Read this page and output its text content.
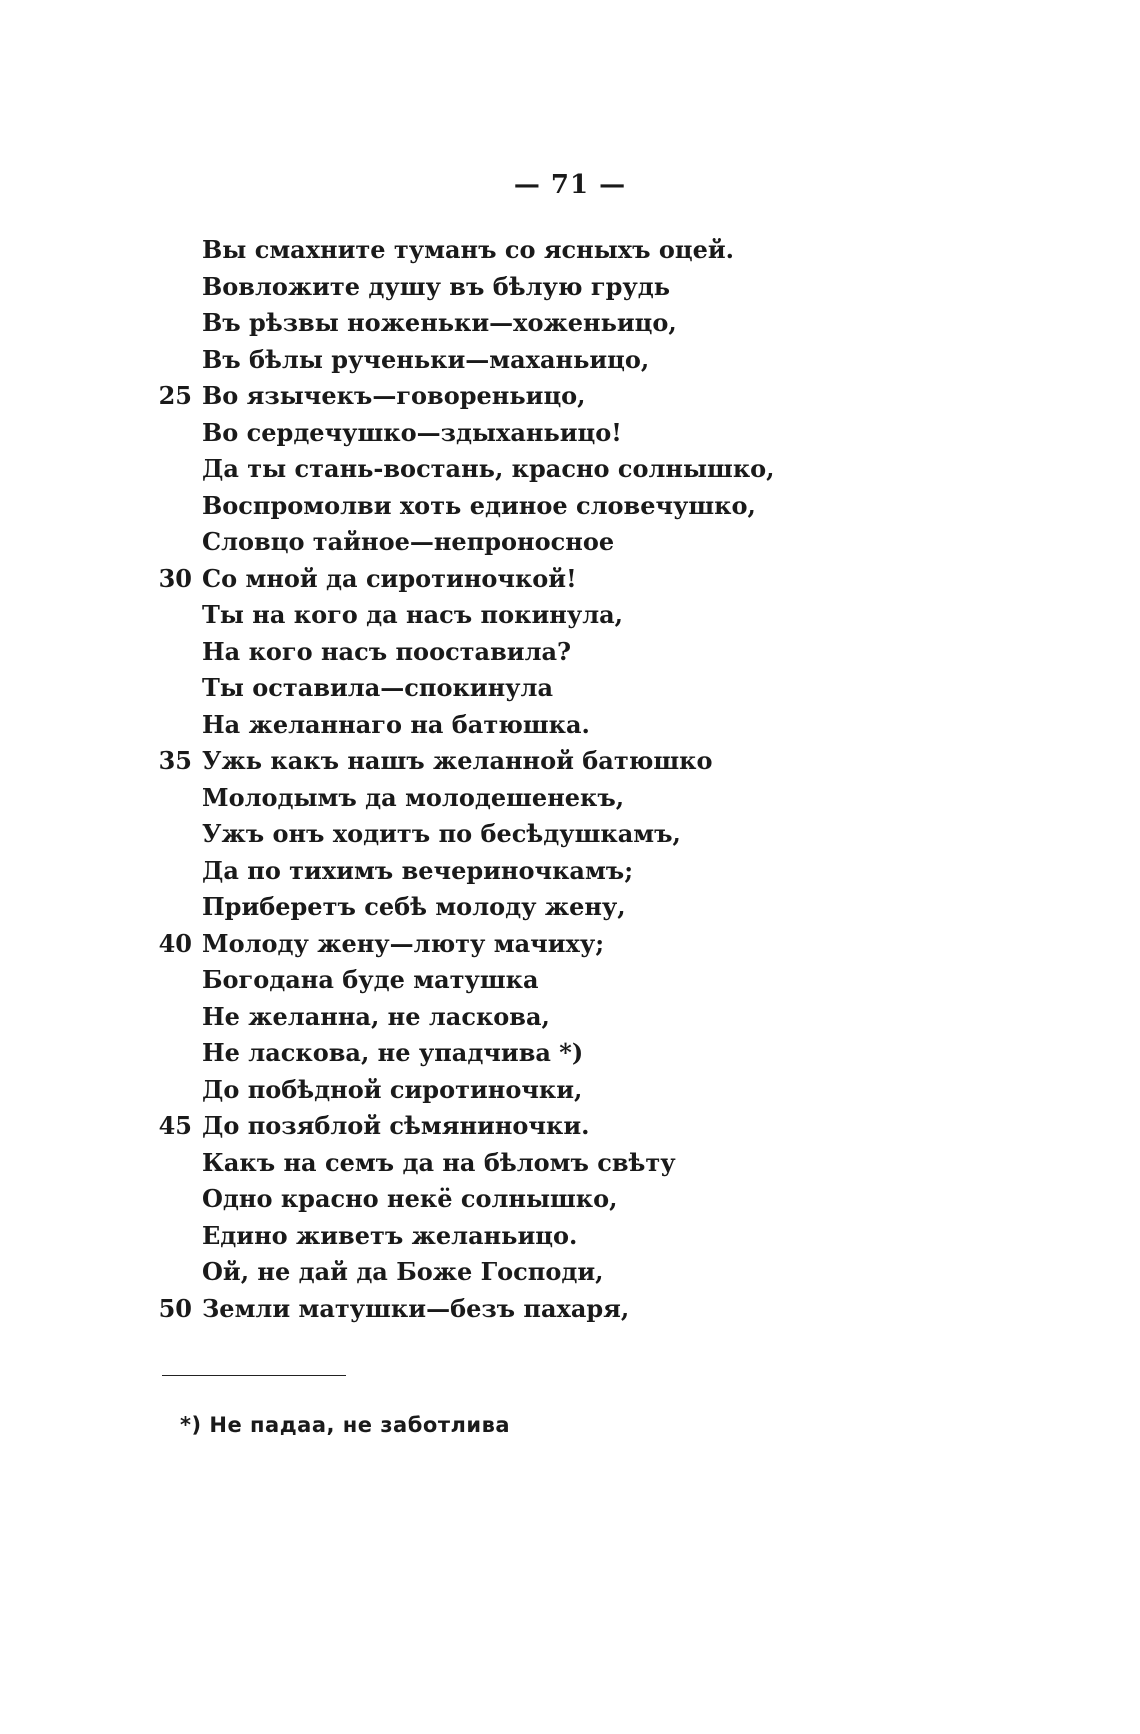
— 71 —
Вы смахните туманъ со ясныхъ оцей.
Вовложите душу въ бѣлую грудь
Въ рѣзвы ноженьки—хоженьицо,
Въ бѣлы рученьки—маханьицо,
25 Во язычекъ—говореньицо,
Во сердечушко—здыханьицо!
Да ты стань-востань, красно солнышко,
Воспромолви хоть единое словечушко,
Словцо тайное—непроносное
30 Со мной да сиротиночкой!
Ты на кого да насъ покинула,
На кого насъ пооставила?
Ты оставила—спокинула
На желаннаго на батюшка.
35 Ужь какъ нашъ желанной батюшко
Молодымъ да молодешенекъ,
Ужъ онъ ходитъ по бесѣдушкамъ,
Да по тихимъ вечериночкамъ;
Приберетъ себѣ молоду жену,
40 Молоду жену—люту мачиху;
Богодана буде матушка
Не желанна, не ласкова,
Не ласкова, не упадчива *)
До побѣдной сиротиночки,
45 До позяблой сѣмяниночки.
Какъ на семъ да на бѣломъ свѣту
Одно красно некё солнышко,
Едино живетъ желаньицо.
Ой, не дай да Боже Господи,
50 Земли матушки—безъ пахаря,
*) Не падаа, не заботлива
